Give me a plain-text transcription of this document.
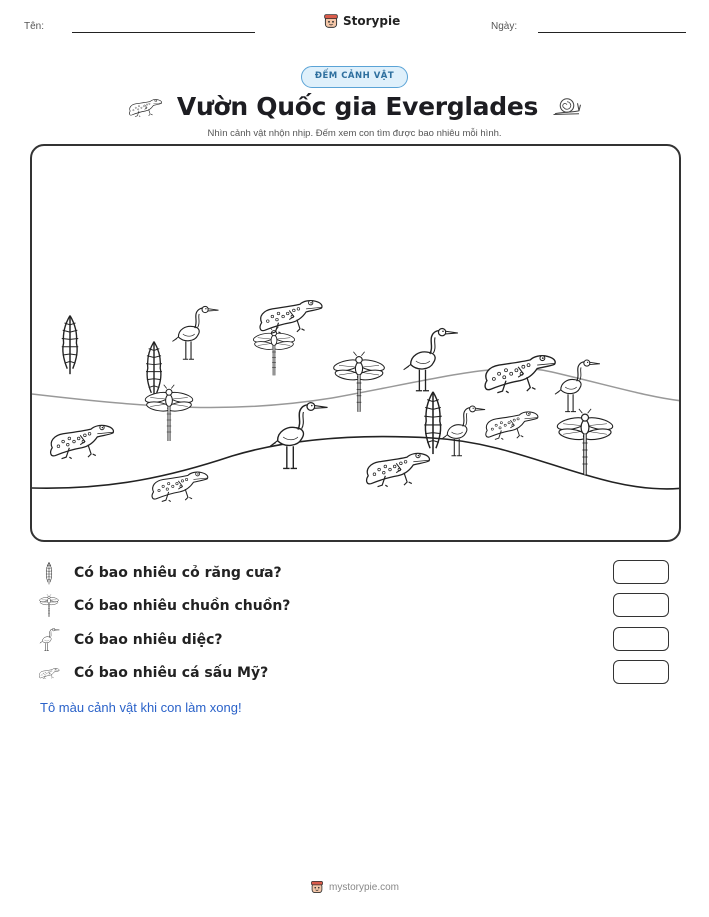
Tên:	Storypie	Ngày:
ĐẾM CẢNH VẬT
Vườn Quốc gia Everglades
Nhìn cảnh vật nhộn nhịp. Đếm xem con tìm được bao nhiêu mỗi hình.
Có bao nhiêu cỏ răng cưa?
Có bao nhiêu chuồn chuồn?
Có bao nhiêu diệc?
Có bao nhiêu cá sấu Mỹ?
Tô màu cảnh vật khi con làm xong!
mystorypie.com
